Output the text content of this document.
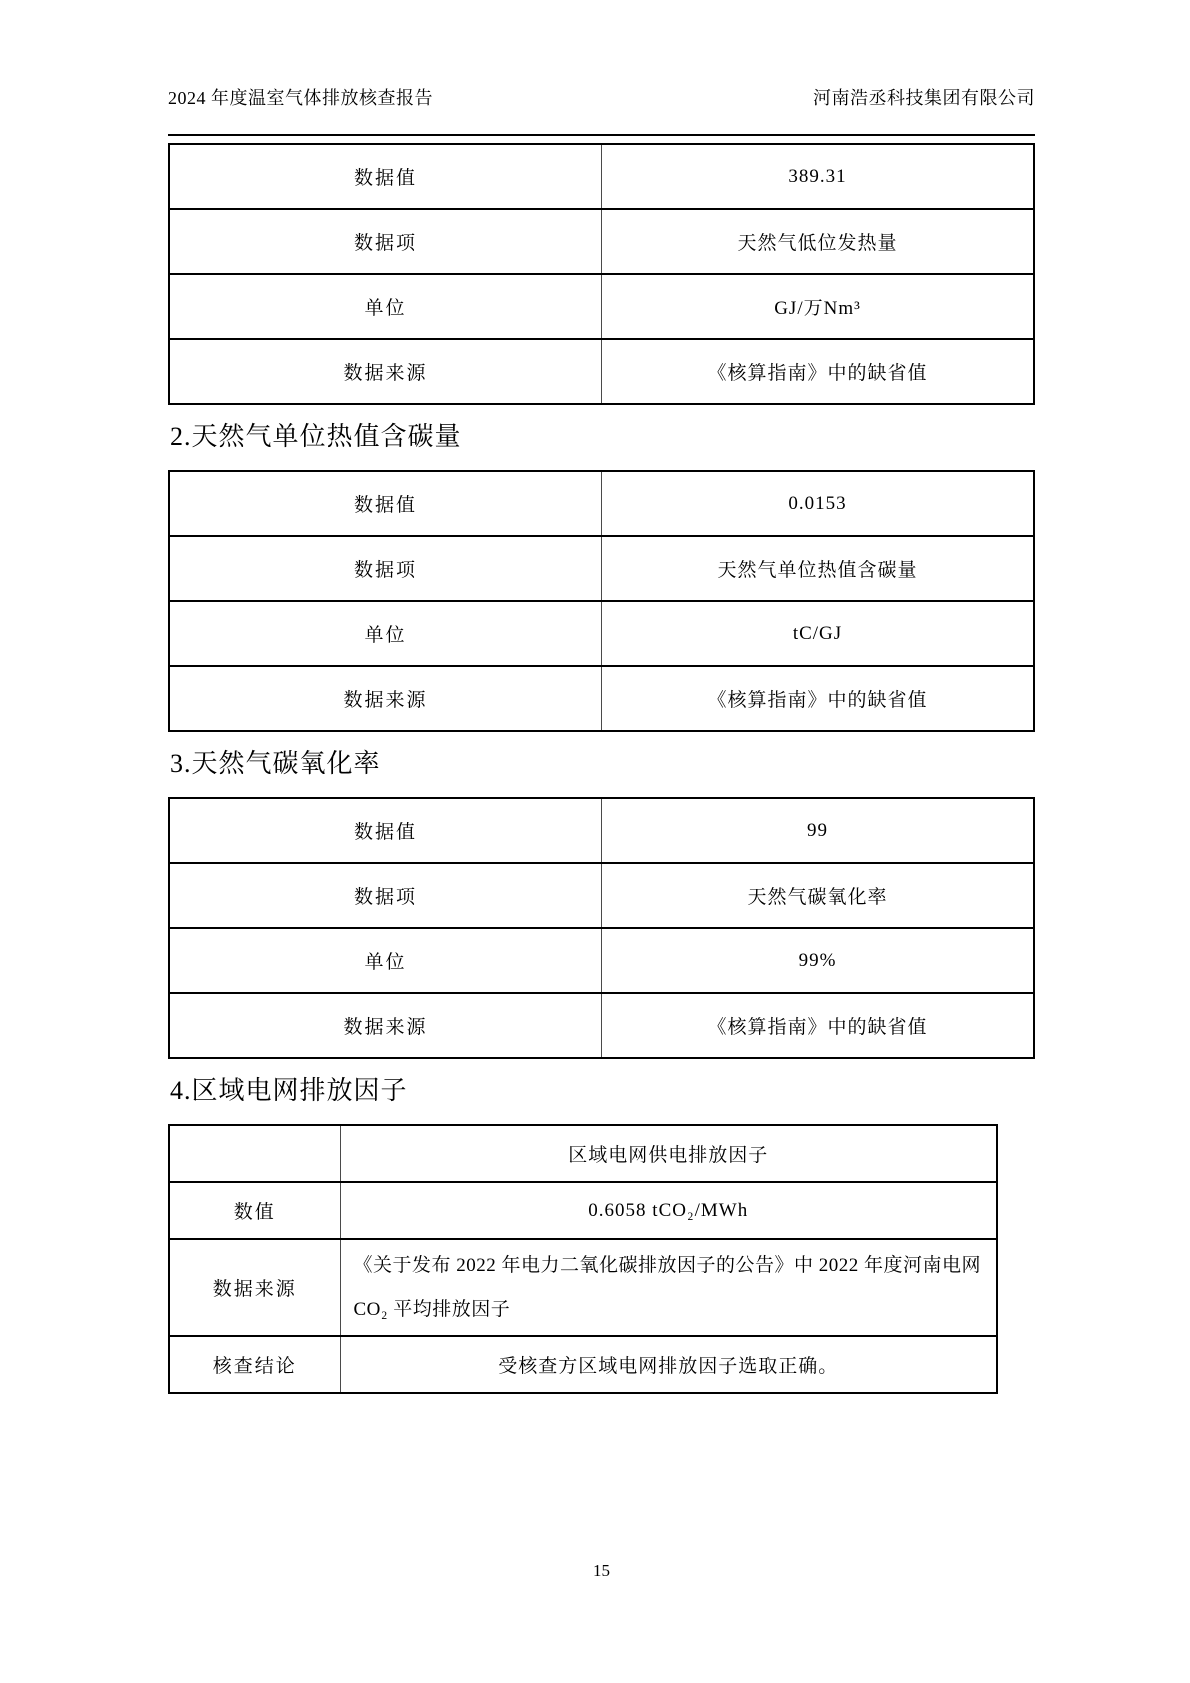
2024 年度温室气体排放核查报告	河南浩丞科技集团有限公司
数据值	389.31
数据项	天然气低位发热量
单位	GJ/万Nm³
数据来源	《核算指南》中的缺省值
2.天然气单位热值含碳量
数据值	0.0153
数据项	天然气单位热值含碳量
单位	tC/GJ
数据来源	《核算指南》中的缺省值
3.天然气碳氧化率
数据值	99
数据项	天然气碳氧化率
单位	99%
数据来源	《核算指南》中的缺省值
4.区域电网排放因子
	区域电网供电排放因子
数值	0.6058 tCO₂/MWh
数据来源	《关于发布 2022 年电力二氧化碳排放因子的公告》中 2022 年度河南电网 CO₂ 平均排放因子
核查结论	受核查方区域电网排放因子选取正确。
15
